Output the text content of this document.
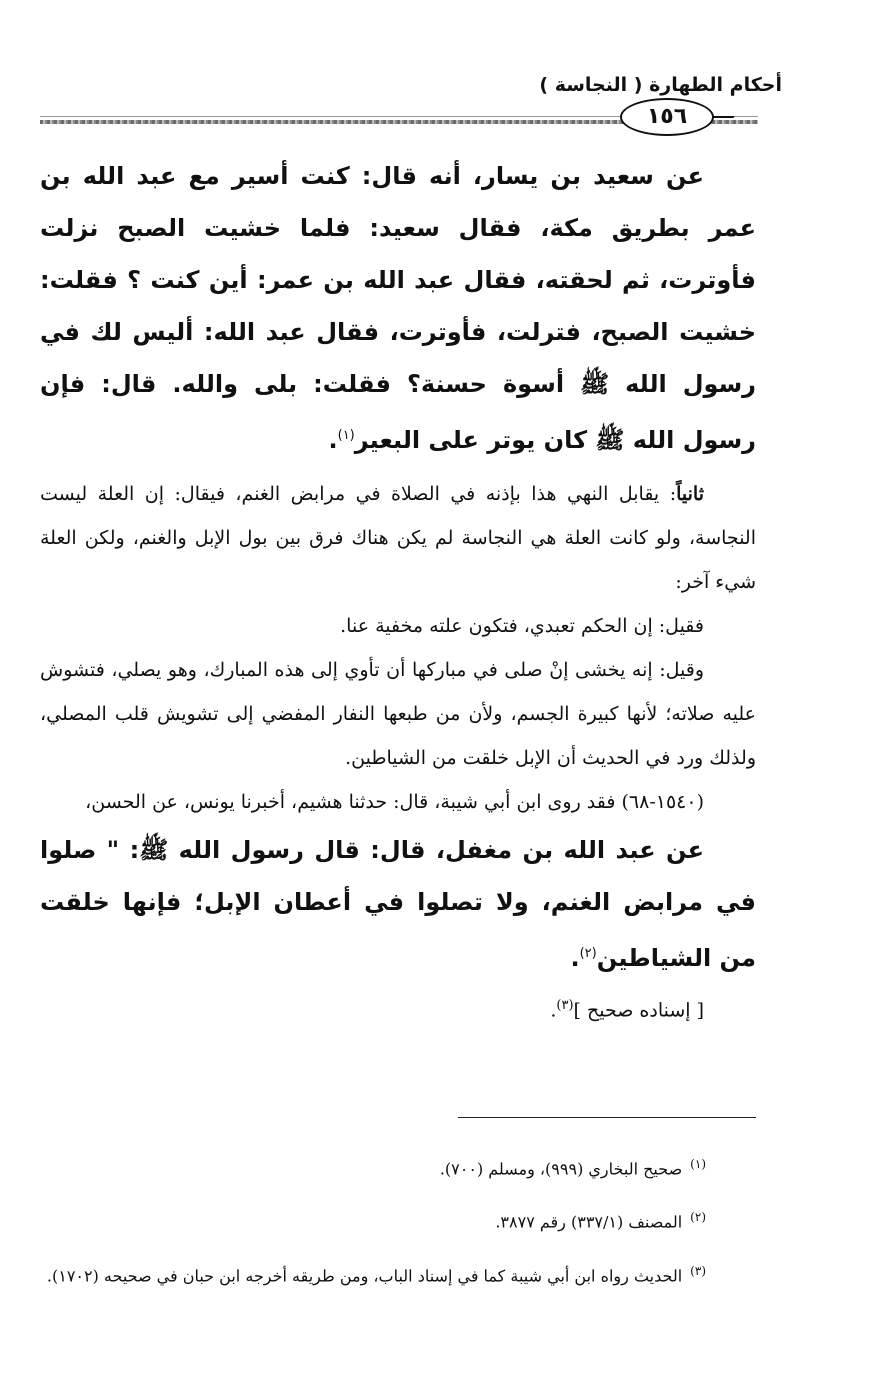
أحكام الطهارة ( النجاسة )
١٥٦

عن سعيد بن يسار، أنه قال: كنت أسير مع عبد الله بن عمر بطريق مكة، فقال سعيد: فلما خشيت الصبح نزلت فأوترت، ثم لحقته، فقال عبد الله بن عمر: أين كنت ؟ فقلت: خشيت الصبح، فترلت، فأوترت، فقال عبد الله: أليس لك في رسول الله ﷺ أسوة حسنة؟ فقلت: بلى والله. قال: فإن رسول الله ﷺ كان يوتر على البعير$^{(١)}$.

ثانياً: يقابل النهي هذا بإذنه في الصلاة في مرابض الغنم، فيقال: إن العلة ليست النجاسة، ولو كانت العلة هي النجاسة لم يكن هناك فرق بين بول الإبل والغنم، ولكن العلة شيء آخر:

فقيل: إن الحكم تعبدي، فتكون علته مخفية عنا.

وقيل: إنه يخشى إنْ صلى في مباركها أن تأوي إلى هذه المبارك، وهو يصلي، فتشوش عليه صلاته؛ لأنها كبيرة الجسم، ولأن من طبعها النفار المفضي إلى تشويش قلب المصلي، ولذلك ورد في الحديث أن الإبل خلقت من الشياطين.

(١٥٤٠-٦٨) فقد روى ابن أبي شيبة، قال: حدثنا هشيم، أخبرنا يونس، عن الحسن،

عن عبد الله بن مغفل، قال: قال رسول الله ﷺ: " صلوا في مرابض الغنم، ولا تصلوا في أعطان الإبل؛ فإنها خلقت من الشياطين$^{(٢)}$.

[ إسناده صحيح ]$^{(٣)}$.

$^{(١)}$صحيح البخاري (٩٩٩)، ومسلم (٧٠٠).

$^{(٢)}$المصنف (٣٣٧/١) رقم ٣٨٧٧.

$^{(٣)}$الحديث رواه ابن أبي شيبة كما في إسناد الباب، ومن طريقه أخرجه ابن حبان في صحيحه (١٧٠٢).
